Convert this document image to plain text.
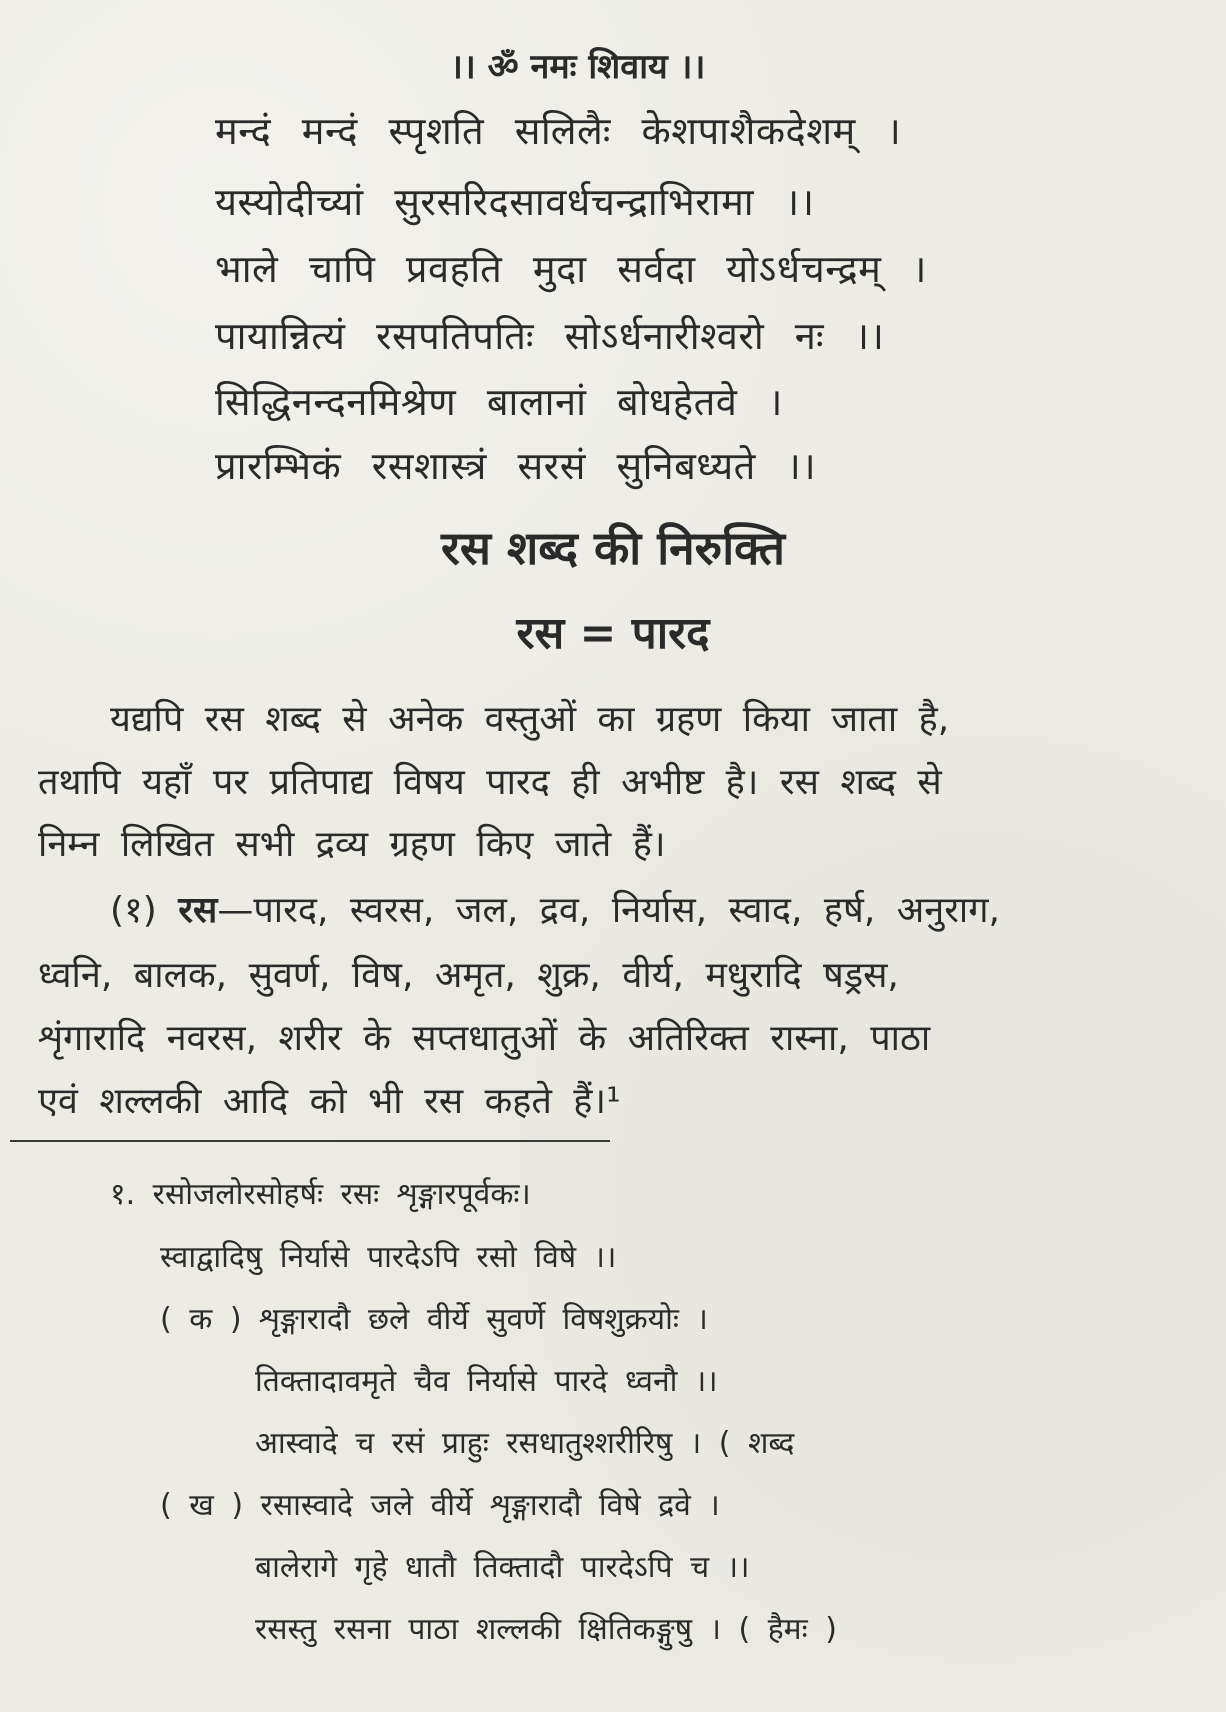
।। ॐ नमः शिवाय ।।
मन्दं मन्दं स्पृशति सलिलैः केशपाशैकदेशम् ।
यस्योदीच्यां सुरसरिदसावर्धचन्द्राभिरामा ।।
भाले चापि प्रवहति मुदा सर्वदा योऽर्धचन्द्रम् ।
पायान्नित्यं रसपतिपतिः सोऽर्धनारीश्वरो नः ।।
सिद्धिनन्दनमिश्रेण बालानां बोधहेतवे ।
प्रारम्भिकं रसशास्त्रं सरसं सुनिबध्यते ।।
रस शब्द की निरुक्ति
रस = पारद
यद्यपि रस शब्द से अनेक वस्तुओं का ग्रहण किया जाता है,
तथापि यहाँ पर प्रतिपाद्य विषय पारद ही अभीष्ट है। रस शब्द से
निम्न लिखित सभी द्रव्य ग्रहण किए जाते हैं।
(१) रस—पारद, स्वरस, जल, द्रव, निर्यास, स्वाद, हर्ष, अनुराग,
ध्वनि, बालक, सुवर्ण, विष, अमृत, शुक्र, वीर्य, मधुरादि षड्रस,
शृंगारादि नवरस, शरीर के सप्तधातुओं के अतिरिक्त रास्ना, पाठा
एवं शल्लकी आदि को भी रस कहते हैं।¹
१. रसोजलोरसोहर्षः रसः शृङ्गारपूर्वकः।
स्वाद्वादिषु निर्यासे पारदेऽपि रसो विषे ।।
( क ) शृङ्गारादौ छले वीर्ये सुवर्णे विषशुक्रयोः ।
तिक्तादावमृते चैव निर्यासे पारदे ध्वनौ ।।
आस्वादे च रसं प्राहुः रसधातुश्शरीरिषु । ( शब्द
( ख ) रसास्वादे जले वीर्ये शृङ्गारादौ विषे द्रवे ।
बालेरागे गृहे धातौ तिक्तादौ पारदेऽपि च ।।
रसस्तु रसना पाठा शल्लकी क्षितिकङ्गुषु । ( हैमः )
